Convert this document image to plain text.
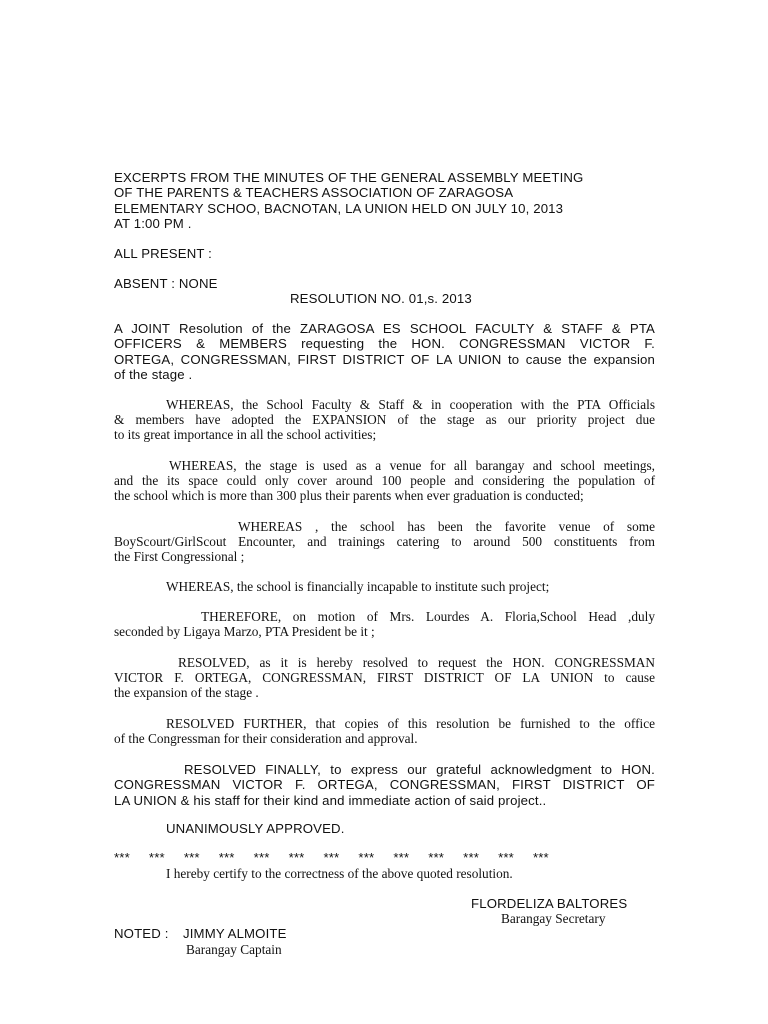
EXCERPTS FROM THE MINUTES OF THE GENERAL ASSEMBLY MEETING
OF THE PARENTS & TEACHERS ASSOCIATION OF ZARAGOSA
ELEMENTARY SCHOO, BACNOTAN, LA UNION HELD ON JULY 10, 2013
AT 1:00 PM .

ALL PRESENT :

ABSENT : NONE

RESOLUTION NO. 01,s. 2013

A JOINT Resolution of the ZARAGOSA ES SCHOOL FACULTY & STAFF & PTA
OFFICERS & MEMBERS requesting the HON. CONGRESSMAN VICTOR F.
ORTEGA, CONGRESSMAN, FIRST DISTRICT OF LA UNION to cause the expansion
of the stage .
WHEREAS, the School Faculty & Staff & in cooperation with the PTA Officials
& members have adopted the EXPANSION of the stage as our priority project due
to its great importance in all the school activities;
WHEREAS, the stage is used as a venue for all barangay and school meetings,
and the its space could only cover around 100 people and considering the population of
the school which is more than 300 plus their parents when ever graduation is conducted;
WHEREAS , the school has been the favorite venue of some
BoyScourt/GirlScout Encounter, and trainings catering to around 500 constituents from
the First Congressional ;

WHEREAS, the school is financially incapable to institute such project;

THEREFORE, on motion of Mrs. Lourdes A. Floria,School Head ,duly
seconded by Ligaya Marzo, PTA President be it ;
RESOLVED, as it is hereby resolved to request the HON. CONGRESSMAN
VICTOR F. ORTEGA, CONGRESSMAN, FIRST DISTRICT OF LA UNION to cause
the expansion of the stage .
RESOLVED FURTHER, that copies of this resolution be furnished to the office
of the Congressman for their consideration and approval.
RESOLVED FINALLY, to express our grateful acknowledgment to HON.
CONGRESSMAN VICTOR F. ORTEGA, CONGRESSMAN, FIRST DISTRICT OF
LA UNION & his staff for their kind and immediate action of said project..

UNANIMOUSLY APPROVED.

***     ***     ***     ***     ***     ***     ***     ***     ***     ***     ***     ***     ***

I hereby certify to the correctness of the above quoted resolution.

FLORDELIZA BALTORES

Barangay Secretary

NOTED : JIMMY ALMOITE

Barangay Captain
